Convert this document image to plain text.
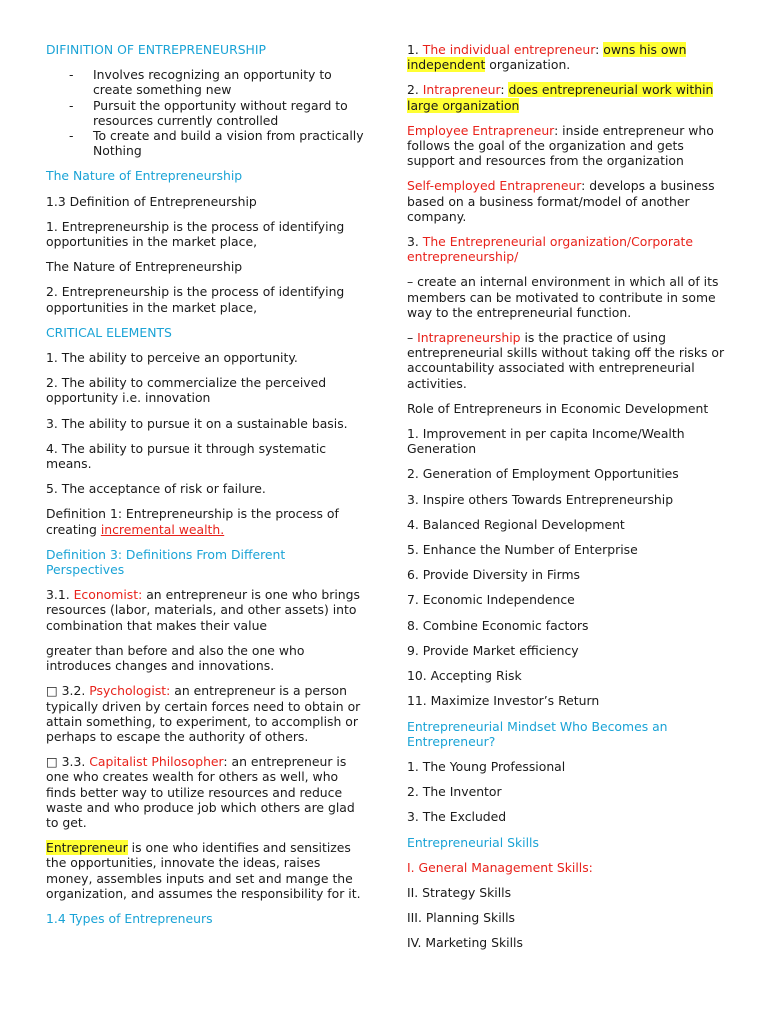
DIFINITION OF ENTREPRENEURSHIP

- Involves recognizing an opportunity to create something new
- Pursuit the opportunity without regard to resources currently controlled
- To create and build a vision from practically Nothing

The Nature of Entrepreneurship

1.3 Definition of Entrepreneurship

1. Entrepreneurship is the process of identifying opportunities in the market place,

The Nature of Entrepreneurship

2. Entrepreneurship is the process of identifying opportunities in the market place,

CRITICAL ELEMENTS

1. The ability to perceive an opportunity.

2. The ability to commercialize the perceived opportunity i.e. innovation

3. The ability to pursue it on a sustainable basis.

4. The ability to pursue it through systematic means.

5. The acceptance of risk or failure.

Definition 1: Entrepreneurship is the process of creating incremental wealth.

Definition 3: Definitions From Different Perspectives

3.1. Economist: an entrepreneur is one who brings resources (labor, materials, and other assets) into combination that makes their value

greater than before and also the one who introduces changes and innovations.

□ 3.2. Psychologist: an entrepreneur is a person typically driven by certain forces need to obtain or attain something, to experiment, to accomplish or perhaps to escape the authority of others.

□ 3.3. Capitalist Philosopher: an entrepreneur is one who creates wealth for others as well, who finds better way to utilize resources and reduce waste and who produce job which others are glad to get.

Entrepreneur is one who identifies and sensitizes the opportunities, innovate the ideas, raises money, assembles inputs and set and mange the organization, and assumes the responsibility for it.

1.4 Types of Entrepreneurs

1. The individual entrepreneur: owns his own independent organization.

2. Intrapreneur: does entrepreneurial work within large organization

Employee Entrapreneur: inside entrepreneur who follows the goal of the organization and gets support and resources from the organization

Self-employed Entrapreneur: develops a business based on a business format/model of another company.

3. The Entrepreneurial organization/Corporate entrepreneurship/

– create an internal environment in which all of its members can be motivated to contribute in some way to the entrepreneurial function.

– Intrapreneurship is the practice of using entrepreneurial skills without taking off the risks or accountability associated with entrepreneurial activities.

Role of Entrepreneurs in Economic Development

1. Improvement in per capita Income/Wealth Generation

2. Generation of Employment Opportunities

3. Inspire others Towards Entrepreneurship

4. Balanced Regional Development

5. Enhance the Number of Enterprise

6. Provide Diversity in Firms

7. Economic Independence

8. Combine Economic factors

9. Provide Market efficiency

10. Accepting Risk

11. Maximize Investor’s Return

Entrepreneurial Mindset Who Becomes an Entrepreneur?

1. The Young Professional

2. The Inventor

3. The Excluded

Entrepreneurial Skills

I. General Management Skills:

II. Strategy Skills

III. Planning Skills

IV. Marketing Skills
